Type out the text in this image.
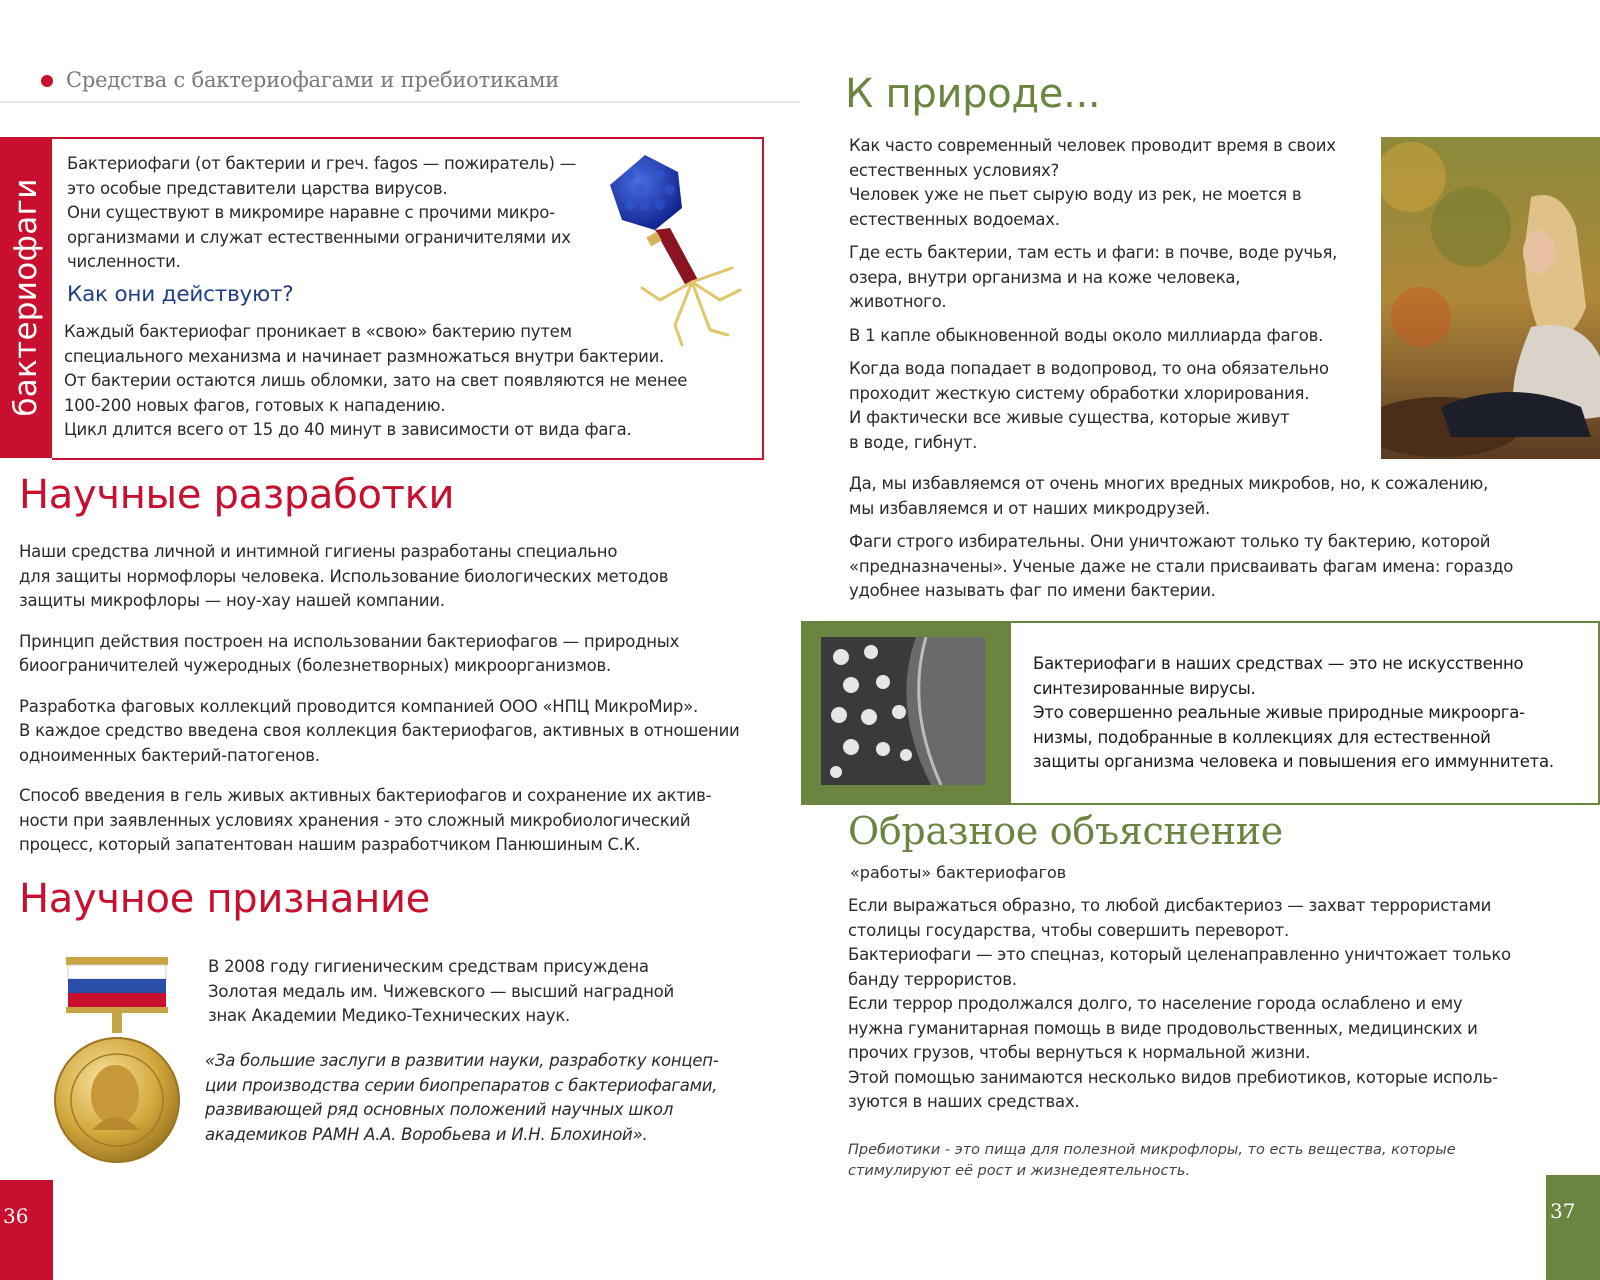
Средства с бактериофагами и пребиотиками
бактериофаги

Бактериофаги (от бактерии и греч. fagos — пожиратель) —

это особые представители царства вирусов.

Они существуют в микромире наравне с прочими микро-

организмами и служат естественными ограничителями их

численности.

Как они действуют?

Каждый бактериофаг проникает в «свою» бактерию путем

специального механизма и начинает размножаться внутри бактерии.

От бактерии остаются лишь обломки, зато на свет появляются не менее

100-200 новых фагов, готовых к нападению.

Цикл длится всего от 15 до 40 минут в зависимости от вида фага.

Научные разработки

Наши средства личной и интимной гигиены разработаны специально
для защиты нормофлоры человека. Использование биологических методов
защиты микрофлоры — ноу-хау нашей компании.

Принцип действия построен на использовании бактериофагов — природных
биоограничителей чужеродных (болезнетворных) микроорганизмов.

Разработка фаговых коллекций проводится компанией ООО «НПЦ МикроМир».
В каждое средство введена своя коллекция бактериофагов, активных в отношении
одноименных бактерий-патогенов.

Способ введения в гель живых активных бактериофагов и сохранение их актив-
ности при заявленных условиях хранения - это сложный микробиологический
процесс, который запатентован нашим разработчиком Панюшиным С.К.

Научное признание

В 2008 году гигиеническим средствам присуждена

Золотая медаль им. Чижевского — высший наградной

знак Академии Медико-Технических наук.

«За большие заслуги в развитии науки, разработку концеп-

ции производства серии биопрепаратов с бактериофагами,

развивающей ряд основных положений научных школ

академиков РАМН А.А. Воробьева и И.Н. Блохиной».

36	37
К природе...

Как часто современный человек проводит время в своих
естественных условиях?
Человек уже не пьет сырую воду из рек, не моется в
естественных водоемах.

Где есть бактерии, там есть и фаги: в почве, воде ручья,
озера, внутри организма и на коже человека,
животного.

В 1 капле обыкновенной воды около миллиарда фагов.

Когда вода попадает в водопровод, то она обязательно
проходит жесткую систему обработки хлорирования.
И фактически все живые существа, которые живут
в воде, гибнут.

Да, мы избавляемся от очень многих вредных микробов, но, к сожалению,
мы избавляемся и от наших микродрузей.

Фаги строго избирательны. Они уничтожают только ту бактерию, которой
«предназначены». Ученые даже не стали присваивать фагам имена: гораздо
удобнее называть фаг по имени бактерии.

Бактериофаги в наших средствах — это не искусственно

синтезированные вирусы.

Это совершенно реальные живые природные микроорга-

низмы, подобранные в коллекциях для естественной

защиты организма человека и повышения его иммуннитета.

Образное объяснение
«работы» бактериофагов

Если выражаться образно, то любой дисбактериоз — захват террористами

столицы государства, чтобы совершить переворот.

Бактериофаги — это спецназ, который целенаправленно уничтожает только

банду террористов.

Если террор продолжался долго, то население города ослаблено и ему

нужна гуманитарная помощь в виде продовольственных, медицинских и

прочих грузов, чтобы вернуться к нормальной жизни.

Этой помощью занимаются несколько видов пребиотиков, которые исполь-

зуются в наших средствах.

Пребиотики - это пища для полезной микрофлоры, то есть вещества, которые

стимулируют её рост и жизнедеятельность.
